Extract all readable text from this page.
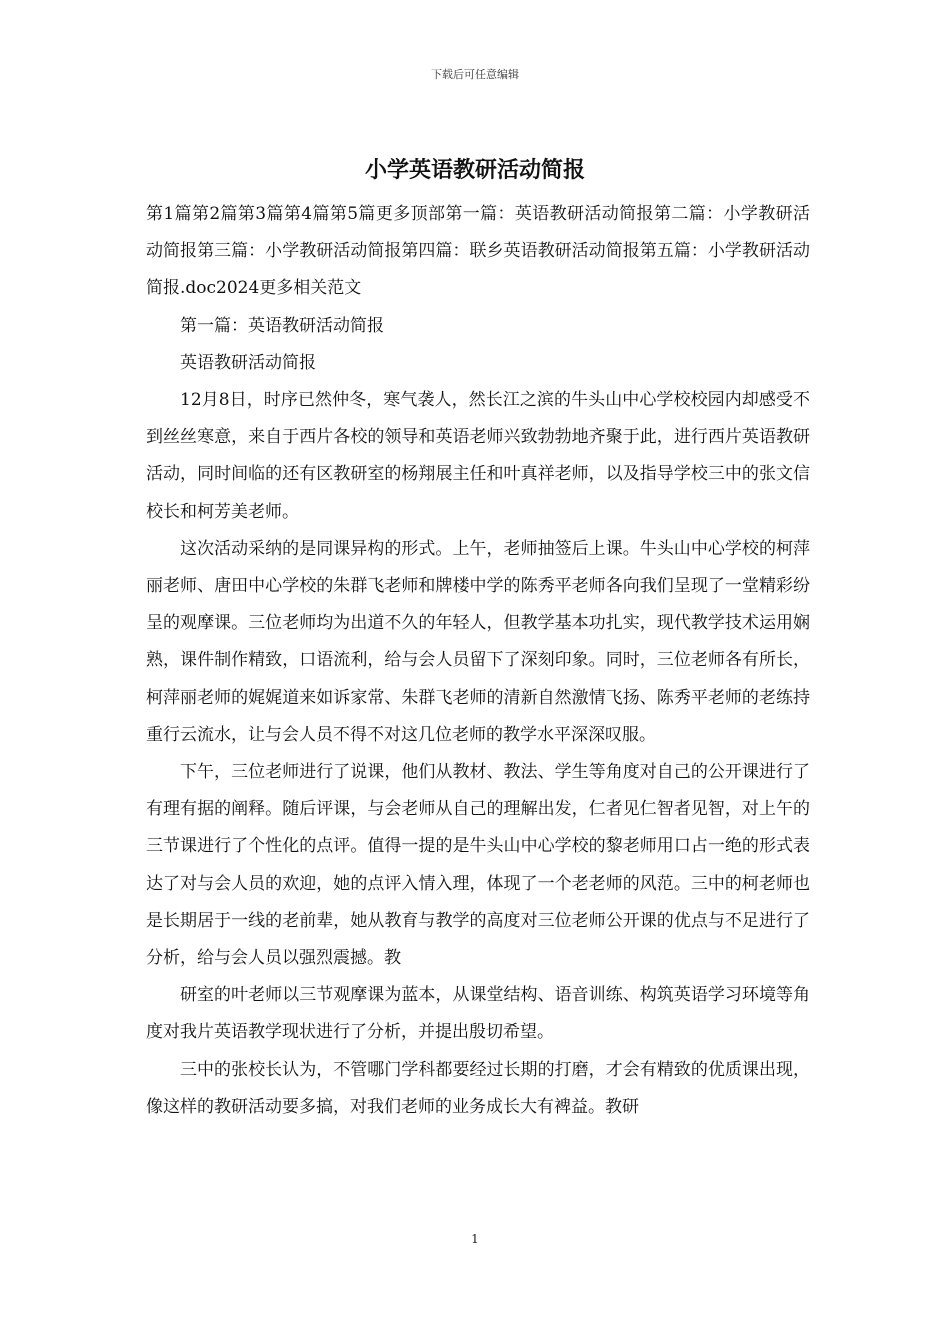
下载后可任意编辑
小学英语教研活动简报

第1篇第2篇第3篇第4篇第5篇更多顶部第一篇：英语教研活动简报第二篇：小学教研活动简报第三篇：小学教研活动简报第四篇：联乡英语教研活动简报第五篇：小学教研活动简报.doc2024更多相关范文

第一篇：英语教研活动简报

英语教研活动简报

12月8日，时序已然仲冬，寒气袭人，然长江之滨的牛头山中心学校校园内却感受不到丝丝寒意，来自于西片各校的领导和英语老师兴致勃勃地齐聚于此，进行西片英语教研活动，同时间临的还有区教研室的杨翔展主任和叶真祥老师，以及指导学校三中的张文信校长和柯芳美老师。

这次活动采纳的是同课异构的形式。上午，老师抽签后上课。牛头山中心学校的柯萍丽老师、唐田中心学校的朱群飞老师和牌楼中学的陈秀平老师各向我们呈现了一堂精彩纷呈的观摩课。三位老师均为出道不久的年轻人，但教学基本功扎实，现代教学技术运用娴熟，课件制作精致，口语流利，给与会人员留下了深刻印象。同时，三位老师各有所长，柯萍丽老师的娓娓道来如诉家常、朱群飞老师的清新自然激情飞扬、陈秀平老师的老练持重行云流水，让与会人员不得不对这几位老师的教学水平深深叹服。

下午，三位老师进行了说课，他们从教材、教法、学生等角度对自己的公开课进行了有理有据的阐释。随后评课，与会老师从自己的理解出发，仁者见仁智者见智，对上午的三节课进行了个性化的点评。值得一提的是牛头山中心学校的黎老师用口占一绝的形式表达了对与会人员的欢迎，她的点评入情入理，体现了一个老老师的风范。三中的柯老师也是长期居于一线的老前辈，她从教育与教学的高度对三位老师公开课的优点与不足进行了分析，给与会人员以强烈震撼。教

研室的叶老师以三节观摩课为蓝本，从课堂结构、语音训练、构筑英语学习环境等角度对我片英语教学现状进行了分析，并提出殷切希望。

三中的张校长认为，不管哪门学科都要经过长期的打磨，才会有精致的优质课出现，像这样的教研活动要多搞，对我们老师的业务成长大有裨益。教研

1
